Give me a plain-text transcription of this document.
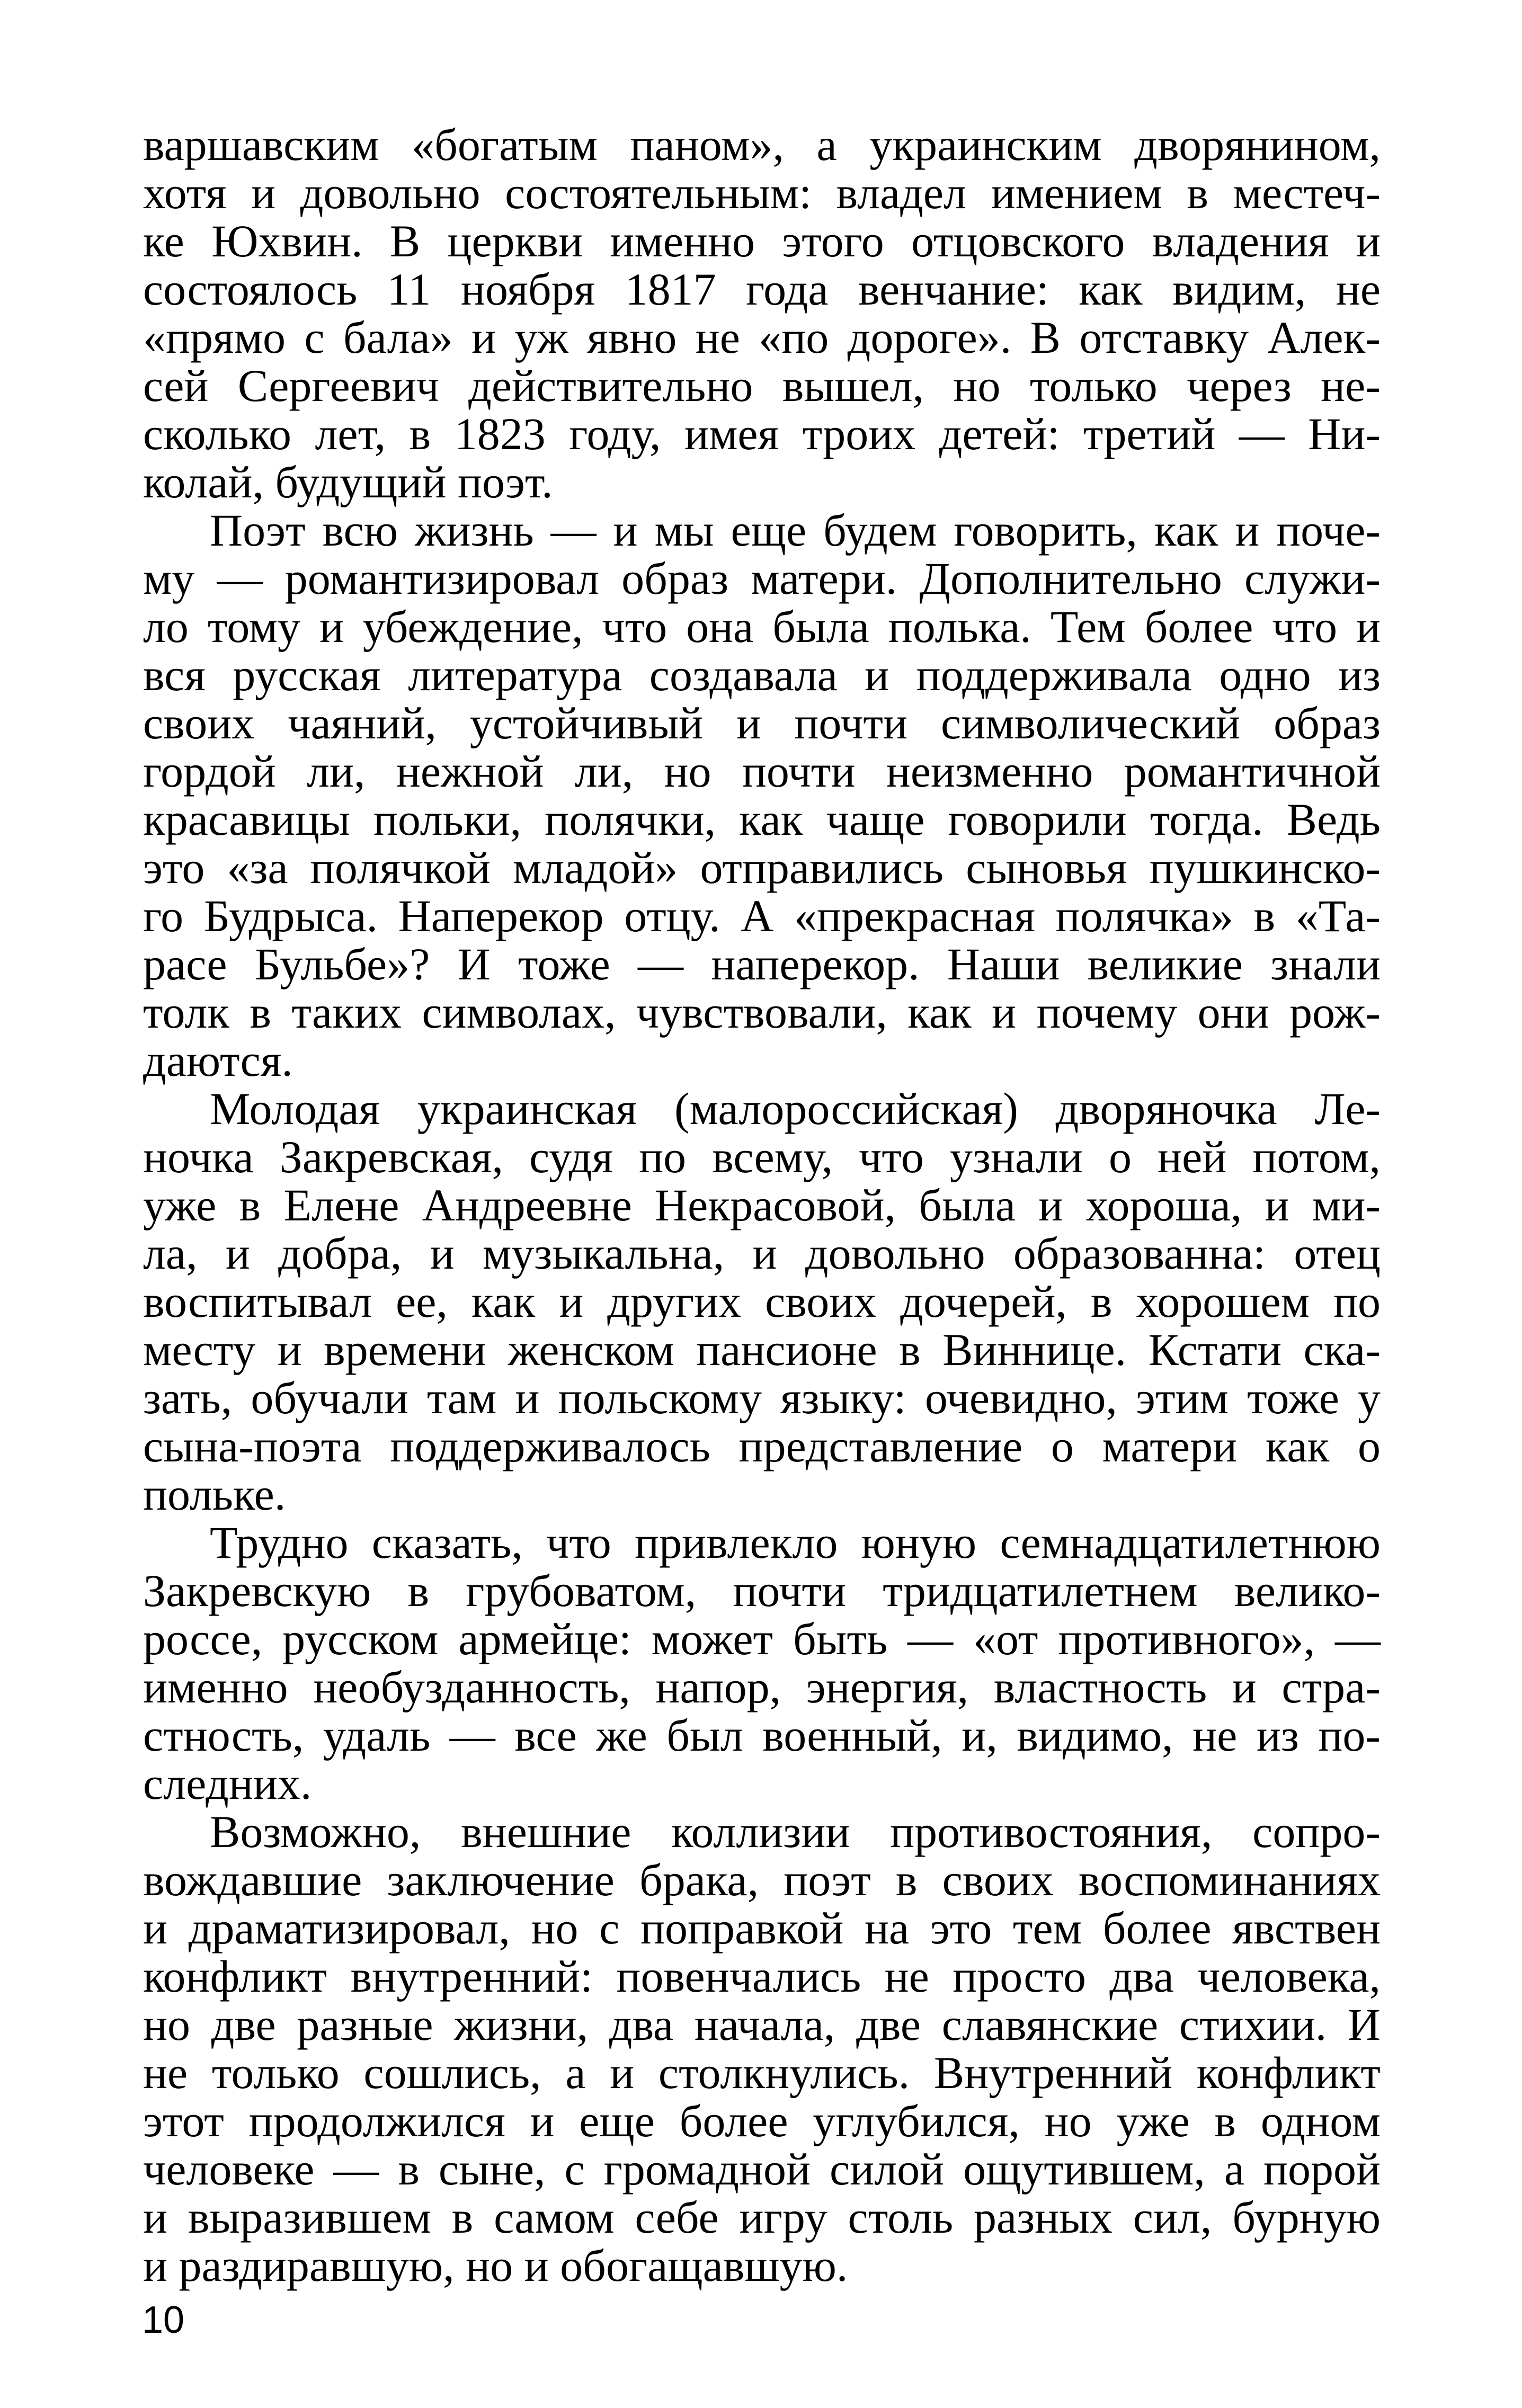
варшавским «богатым паном», а украинским дворянином,
хотя и довольно состоятельным: владел имением в местеч-
ке Юхвин. В церкви именно этого отцовского владения и
состоялось 11 ноября 1817 года венчание: как видим, не
«прямо с бала» и уж явно не «по дороге». В отставку Алек-
сей Сергеевич действительно вышел, но только через не-
сколько лет, в 1823 году, имея троих детей: третий — Ни-
колай, будущий поэт.

Поэт всю жизнь — и мы еще будем говорить, как и поче-
му — романтизировал образ матери. Дополнительно служи-
ло тому и убеждение, что она была полька. Тем более что и
вся русская литература создавала и поддерживала одно из
своих чаяний, устойчивый и почти символический образ
гордой ли, нежной ли, но почти неизменно романтичной
красавицы польки, полячки, как чаще говорили тогда. Ведь
это «за полячкой младой» отправились сыновья пушкинско-
го Будрыса. Наперекор отцу. А «прекрасная полячка» в «Та-
расе Бульбе»? И тоже — наперекор. Наши великие знали
толк в таких символах, чувствовали, как и почему они рож-
даются.

Молодая украинская (малороссийская) дворяночка Ле-
ночка Закревская, судя по всему, что узнали о ней потом,
уже в Елене Андреевне Некрасовой, была и хороша, и ми-
ла, и добра, и музыкальна, и довольно образованна: отец
воспитывал ее, как и других своих дочерей, в хорошем по
месту и времени женском пансионе в Виннице. Кстати ска-
зать, обучали там и польскому языку: очевидно, этим тоже у
сына-поэта поддерживалось представление о матери как о
польке.

Трудно сказать, что привлекло юную семнадцатилетнюю
Закревскую в грубоватом, почти тридцатилетнем велико-
россе, русском армейце: может быть — «от противного», —
именно необузданность, напор, энергия, властность и стра-
стность, удаль — все же был военный, и, видимо, не из по-
следних.

Возможно, внешние коллизии противостояния, сопро-
вождавшие заключение брака, поэт в своих воспоминаниях
и драматизировал, но с поправкой на это тем более явствен
конфликт внутренний: повенчались не просто два человека,
но две разные жизни, два начала, две славянские стихии. И
не только сошлись, а и столкнулись. Внутренний конфликт
этот продолжился и еще более углубился, но уже в одном
человеке — в сыне, с громадной силой ощутившем, а порой
и выразившем в самом себе игру столь разных сил, бурную
и раздиравшую, но и обогащавшую.

10
